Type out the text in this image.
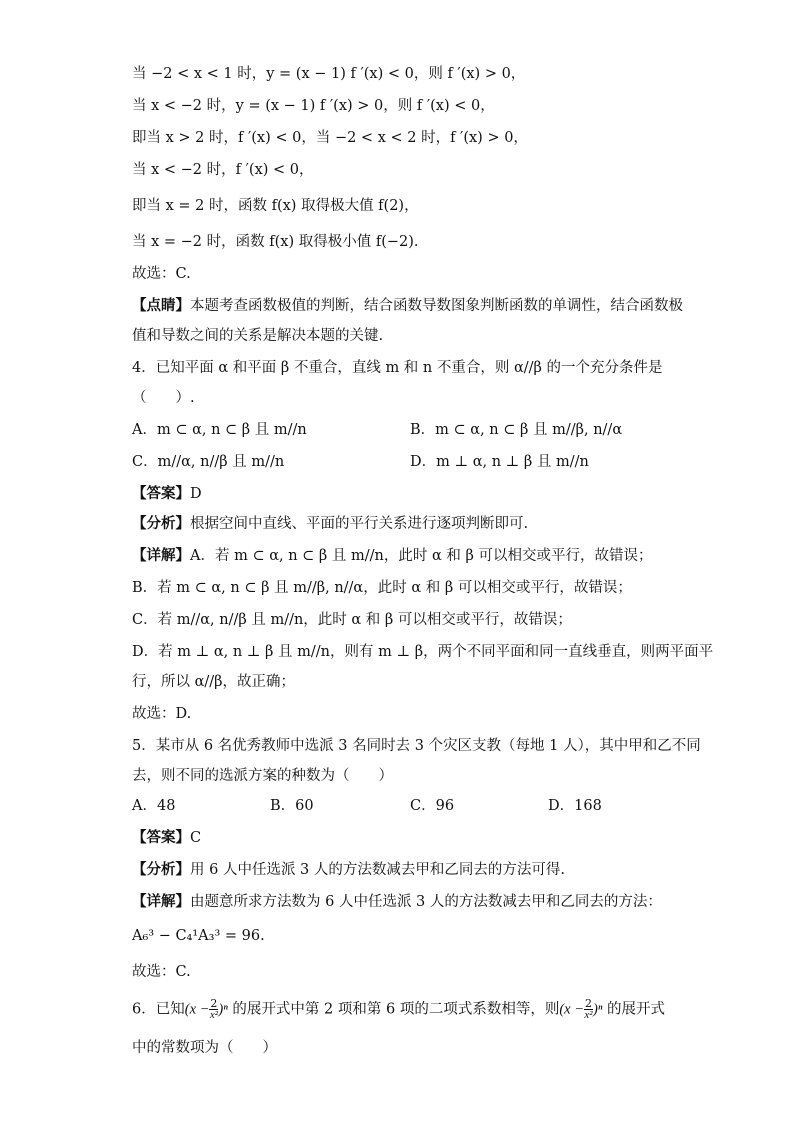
当 −2 < x < 1 时，y = (x − 1) f ′(x) < 0，则 f ′(x) > 0，
当 x < −2 时，y = (x − 1) f ′(x) > 0，则 f ′(x) < 0，
即当 x > 2 时，f ′(x) < 0，当 −2 < x < 2 时，f ′(x) > 0，
当 x < −2 时，f ′(x) < 0，
即当 x = 2 时，函数 f(x) 取得极大值 f(2)，
当 x = −2 时，函数 f(x) 取得极小值 f(−2).
故选：C.
【点睛】本题考查函数极值的判断，结合函数导数图象判断函数的单调性，结合函数极
值和导数之间的关系是解决本题的关键.
4．已知平面 α 和平面 β 不重合，直线 m 和 n 不重合，则 α//β 的一个充分条件是
（　　）.
【答案】D
【分析】根据空间中直线、平面的平行关系进行逐项判断即可.
【详解】A．若 m ⊂ α, n ⊂ β 且 m//n，此时 α 和 β 可以相交或平行，故错误；
B．若 m ⊂ α, n ⊂ β 且 m//β, n//α，此时 α 和 β 可以相交或平行，故错误；
C．若 m//α, n//β 且 m//n，此时 α 和 β 可以相交或平行，故错误；
D．若 m ⊥ α, n ⊥ β 且 m//n，则有 m ⊥ β，两个不同平面和同一直线垂直，则两平面平
行，所以 α//β，故正确；
故选：D.
5．某市从 6 名优秀教师中选派 3 名同时去 3 个灾区支教（每地 1 人），其中甲和乙不同
去，则不同的选派方案的种数为（　　）
【答案】C
【分析】用 6 人中任选派 3 人的方法数减去甲和乙同去的方法可得.
【详解】由题意所求方法数为 6 人中任选派 3 人的方法数减去甲和乙同去的方法：
A₆³ − C₄¹A₃³ = 96.
故选：C.
中的常数项为（　　）
A．m ⊂ α, n ⊂ β 且 m//n	B．m ⊂ α, n ⊂ β 且 m//β, n//α
C．m//α, n//β 且 m//n	D．m ⊥ α, n ⊥ β 且 m//n
A．48	B．60	C．96	D．168
6．已知$(x - \frac{2}{\text{x²}} )^n$ 的展开式中第 2 项和第 6 项的二项式系数相等，则$(x - \frac{2}{\text{x²}} )^n$ 的展开式
